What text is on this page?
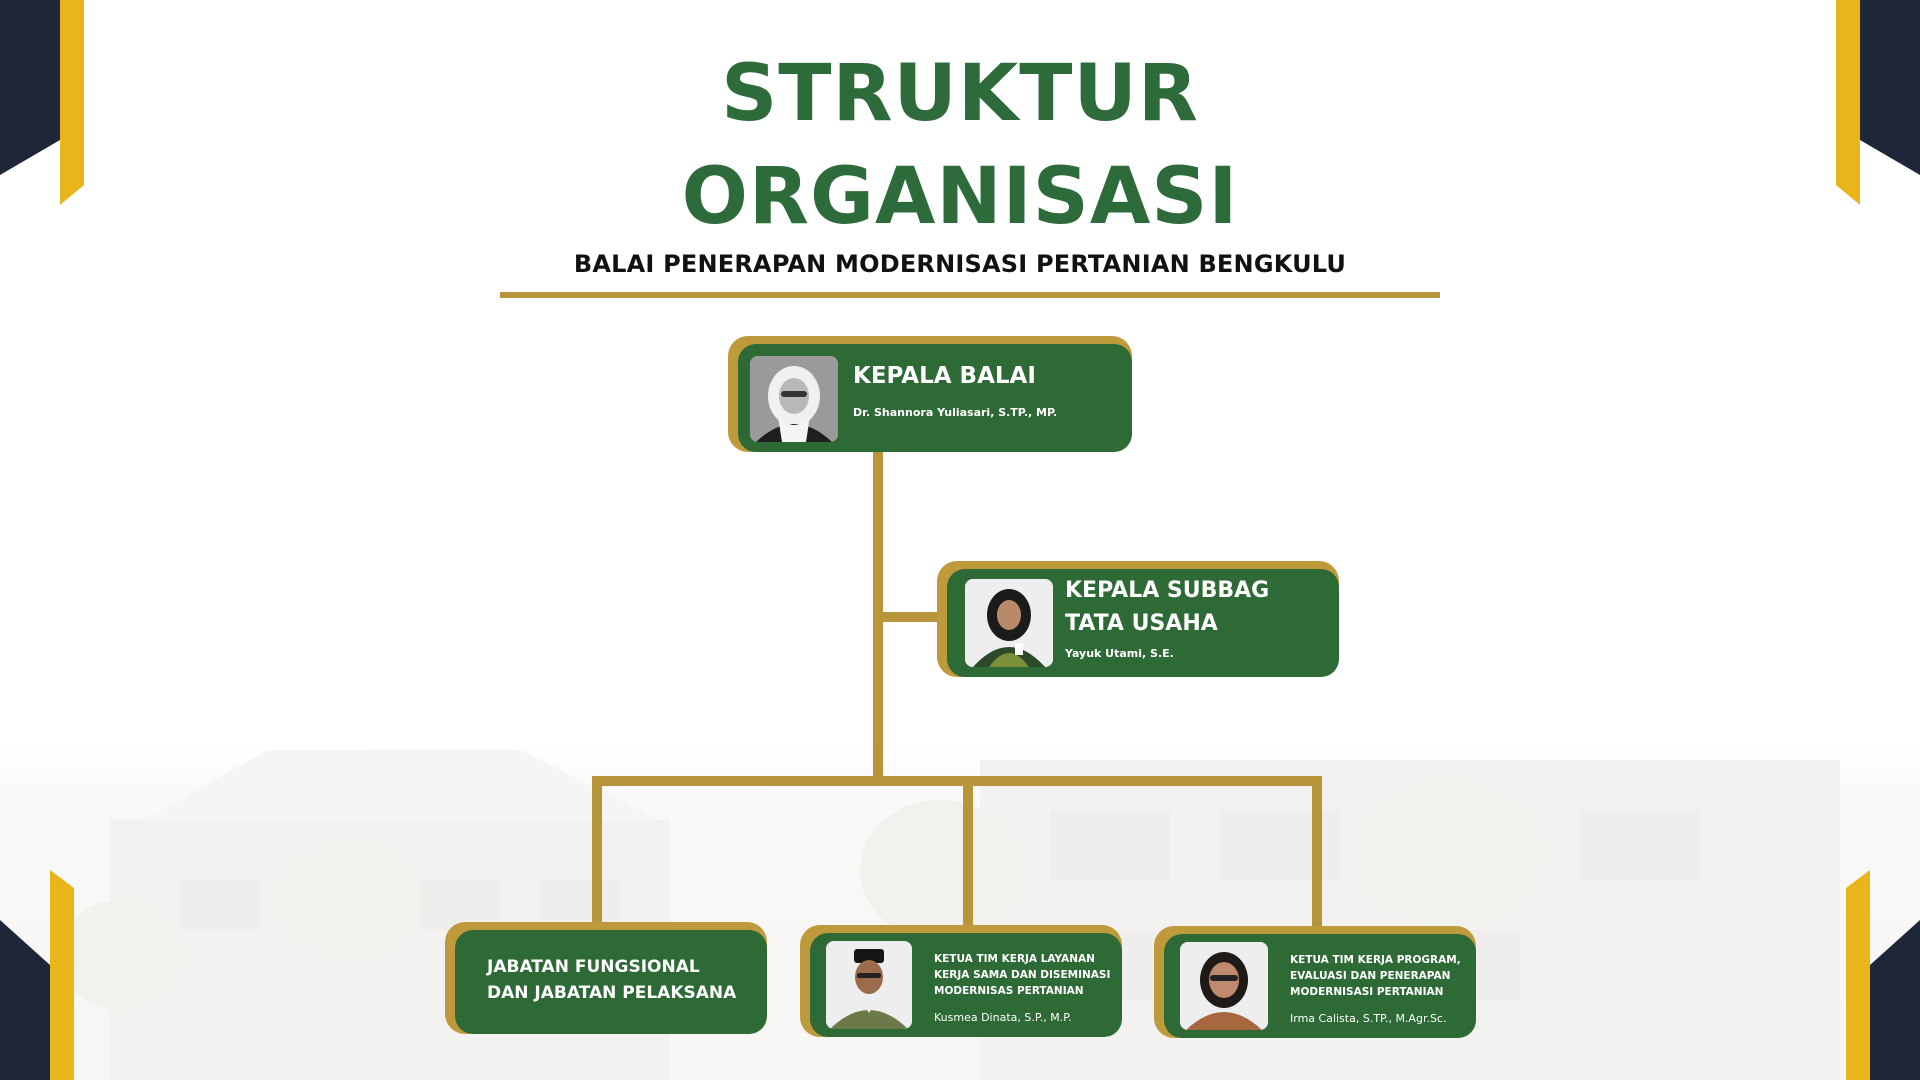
STRUKTUR
ORGANISASI
BALAI PENERAPAN MODERNISASI PERTANIAN BENGKULU
KEPALA BALAI
Dr. Shannora Yuliasari, S.TP., MP.
KEPALA SUBBAG
TATA USAHA
Yayuk Utami, S.E.
JABATAN FUNGSIONAL
DAN JABATAN PELAKSANA
KETUA TIM KERJA LAYANAN
KERJA SAMA DAN DISEMINASI
MODERNISAS PERTANIAN
Kusmea Dinata, S.P., M.P.
KETUA TIM KERJA PROGRAM,
EVALUASI DAN PENERAPAN
MODERNISASI PERTANIAN
Irma Calista, S.TP., M.Agr.Sc.
